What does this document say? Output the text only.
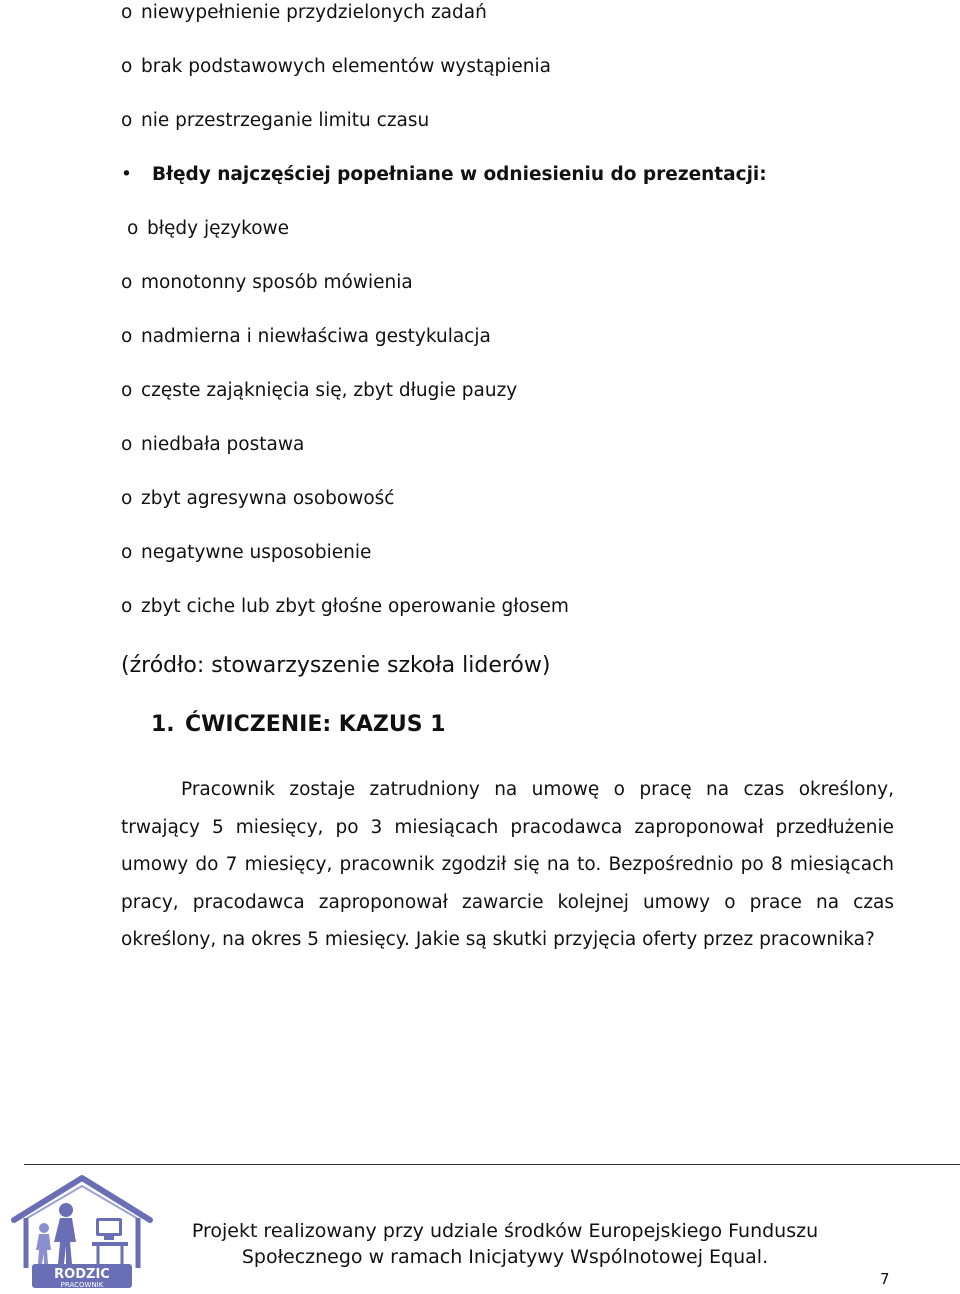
o niewypełnienie przydzielonych zadań
o brak podstawowych elementów wystąpienia
o nie przestrzeganie limitu czasu
• Błędy najczęściej popełniane w odniesieniu do prezentacji:
o błędy językowe
o monotonny sposób mówienia
o nadmierna i niewłaściwa gestykulacja
o częste zająknięcia się, zbyt długie pauzy
o niedbała postawa
o zbyt agresywna osobowość
o negatywne usposobienie
o zbyt ciche lub zbyt głośne operowanie głosem
(źródło: stowarzyszenie szkoła liderów)
1. ĆWICZENIE: KAZUS 1
Pracownik zostaje zatrudniony na umowę o pracę na czas określony, trwający 5 miesięcy, po 3 miesiącach pracodawca zaproponował przedłużenie umowy do 7 miesięcy, pracownik zgodził się na to. Bezpośrednio po 8 miesiącach pracy, pracodawca zaproponował zawarcie kolejnej umowy o prace na czas określony, na okres 5 miesięcy. Jakie są skutki przyjęcia oferty przez pracownika?
RODZIC
PRACOWNIK
Projekt realizowany przy udziale środków Europejskiego Funduszu
Społecznego w ramach Inicjatywy Wspólnotowej Equal.
7
